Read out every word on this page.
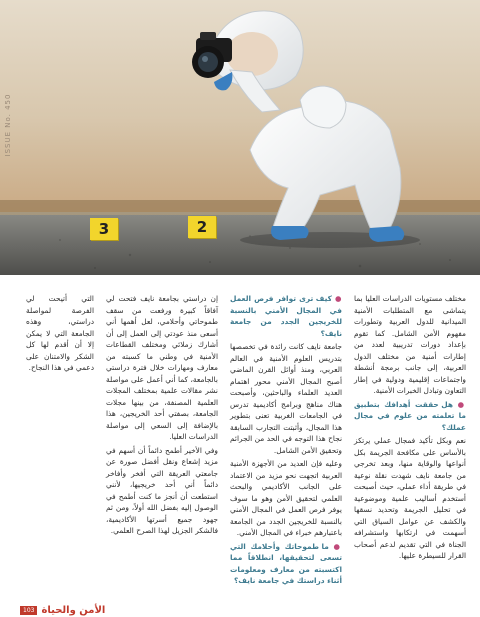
ISSUE No. 450
3	2

مختلف مستويات الدراسات العليا بما يتماشى مع المتطلبات الأمنية الميدانية للدول العربية وتطورات مفهوم الأمن الشامل. كما تقوم بإعداد دورات تدريبية لعدد من إطارات أمنية من مختلف الدول العربية، إلى جانب برمجة أنشطة واجتماعات إقليمية ودولية في إطار التعاون وتبادل الخبرات الأمنية.

● هل حققت أهدافك بتطبيق ما تعلمته من علوم في مجال عملك؟

نعم وبكل تأكيد فمجال عملي يرتكز بالأساس على مكافحة الجريمة بكل أنواعها والوقاية منها، وبعد تخرجي من جامعة نايف شهدت نقلة نوعية في طريقة أداء عملي، حيث أصبحت أستخدم أساليب علمية وموضوعية في تحليل الجريمة وتحديد نسقها والكشف عن عوامل السياق التي أسهمت في ارتكابها واستشرافه الجناة في التي تقديم لدعم أصحاب القرار للسيطرة عليها.

● كيف ترى توافر فرص العمل في المجال الأمني بالنسبة للخريجين الجدد من جامعة نايف؟

جامعة نايف كانت رائدة في تخصصها بتدريس العلوم الأمنية في العالم العربي، ومنذ أوائل القرن الماضي أصبح المجال الأمني محور اهتمام العديد العلماء والباحثين، وأصبحت هناك مناهج وبرامج أكاديمية تدرس في الجامعات الغربية تعنى بتطوير هذا المجال، وأثبتت التجارب السابقة نجاح هذا التوجه في الحد من الجرائم وتحقيق الأمن الشامل.

وعليه فإن العديد من الأجهزة الأمنية العربية اتجهت نحو مزيد من الاعتماد على الجانب الأكاديمي والبحث العلمي لتحقيق الأمن وهو ما سوف يوفر فرص العمل في المجال الأمني بالنسبة للخريجين الجدد من الجامعة باعتبارهم خبراء في المجال الأمني.

● ما طموحاتك وأحلامك التي تسعى لتحقيقها، انطلاقاً مما اكتسبته من معارف ومعلومات أثناء دراستك في جامعة نايف؟

إن دراستي بجامعة نايف فتحت لي آفاقاً كبيرة ورفعت من سقف طموحاتي وأحلامي، لعل أهمها أني أسعى منذ عودتي إلى العمل إلى أن أشارك زملائي ومختلف القطاعات الأمنية في وطني ما كسبته من معارف ومهارات خلال فترة دراستي بالجامعة، كما أني أعمل على مواصلة نشر مقالات علمية بمختلف المجلات العلمية المصنفة، من بينها مجلات الجامعة، بصفتي أحد الخريجين، هذا بالإضافة إلى السعي إلى مواصلة الدراسات العليا.

وفي الأخير أطمح دائماً أن أسهم في مزيد إشعاع ونقل أفضل صورة عن جامعتي العريقة التي أفخر وأفاخر دائماً أني أحد خريجيها، لأنني استطعت أن أنجز ما كنت أطمح في الوصول إليه بفضل الله أولاً، ومن ثم جهود جميع أسرتها الأكاديمية، فالشكر الجزيل لهذا الصرح العلمي.

التي أتيحت لي الفرصة لمواصلة دراستي، وهذه الجامعة التي لا يمكن إلا أن أقدم لها كل الشكر والامتنان على دعمي في هذا النجاح.

103 الأمن والحياة
